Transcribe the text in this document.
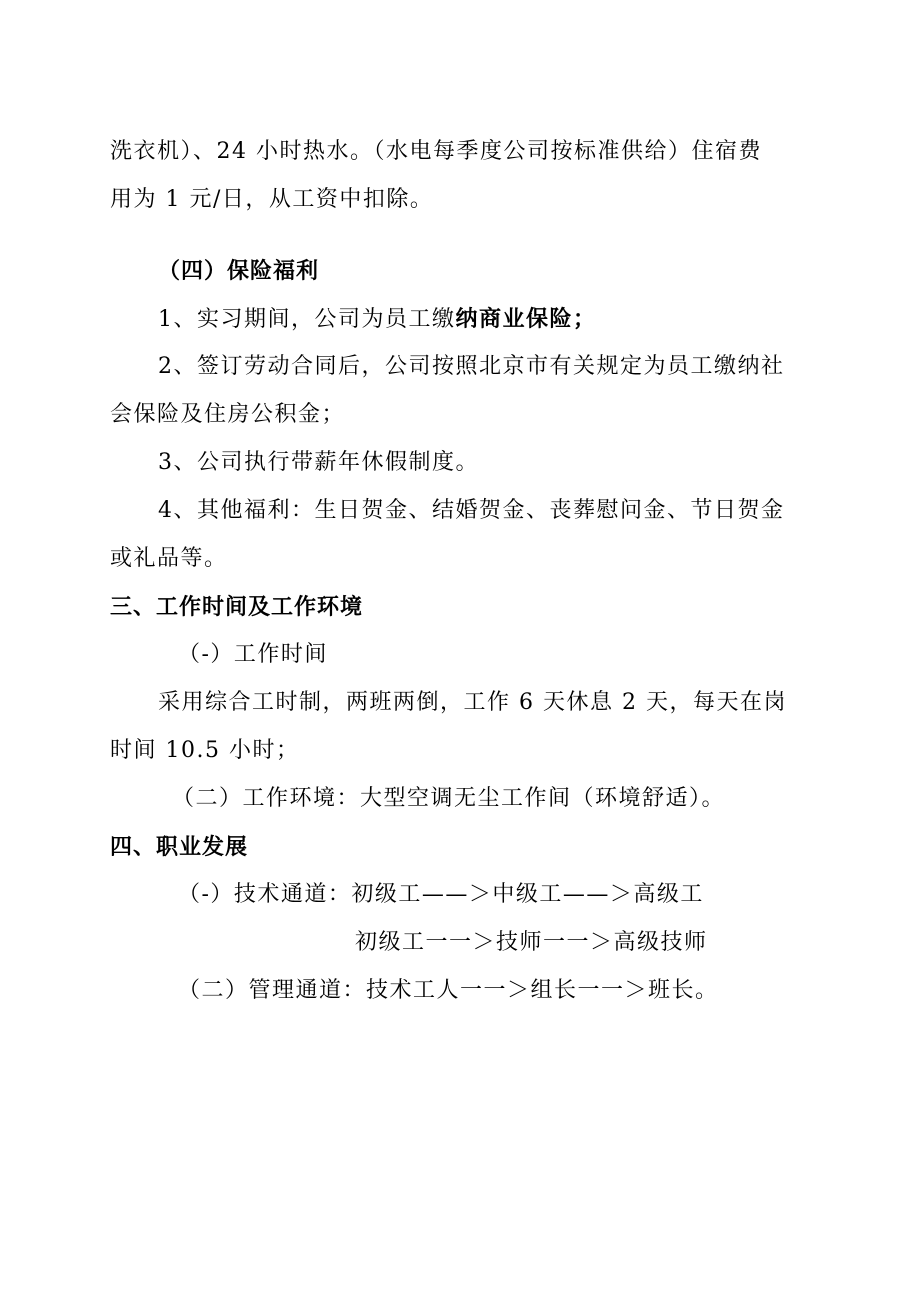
洗衣机）、24 小时热水。（水电每季度公司按标准供给）住宿费
用为 1 元/日，从工资中扣除。
（四）保险福利
1、实习期间，公司为员工缴纳商业保险；
2、签订劳动合同后，公司按照北京市有关规定为员工缴纳社
会保险及住房公积金；
3、公司执行带薪年休假制度。
4、其他福利：生日贺金、结婚贺金、丧葬慰问金、节日贺金
或礼品等。
三、工作时间及工作环境
（-）工作时间
采用综合工时制，两班两倒，工作 6 天休息 2 天，每天在岗
时间 10.5 小时；
（二）工作环境：大型空调无尘工作间（环境舒适）。
四、职业发展
（-）技术通道：初级工——＞中级工——＞高级工
初级工一一＞技师一一＞高级技师
（二）管理通道：技术工人一一＞组长一一＞班长。
